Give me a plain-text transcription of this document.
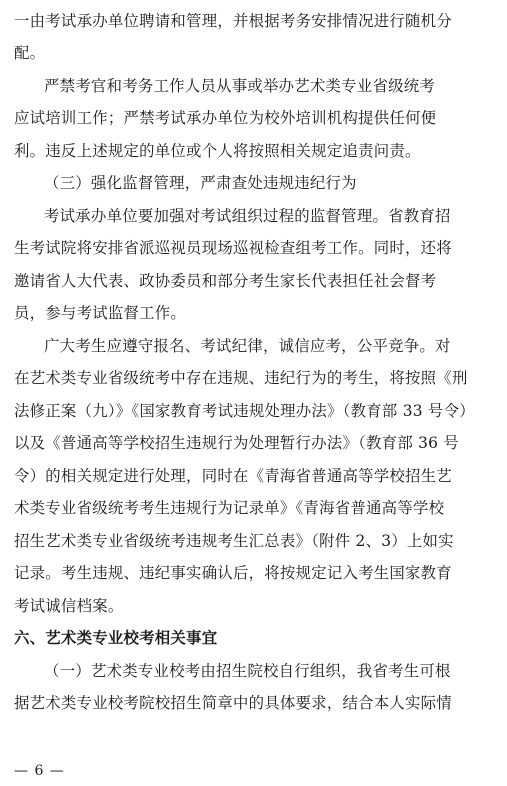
一由考试承办单位聘请和管理，并根据考务安排情况进行随机分
配。
严禁考官和考务工作人员从事或举办艺术类专业省级统考
应试培训工作；严禁考试承办单位为校外培训机构提供任何便
利。违反上述规定的单位或个人将按照相关规定追责问责。
（三）强化监督管理，严肃查处违规违纪行为
考试承办单位要加强对考试组织过程的监督管理。省教育招
生考试院将安排省派巡视员现场巡视检查组考工作。同时，还将
邀请省人大代表、政协委员和部分考生家长代表担任社会督考
员，参与考试监督工作。
广大考生应遵守报名、考试纪律，诚信应考，公平竞争。对
在艺术类专业省级统考中存在违规、违纪行为的考生，将按照《刑
法修正案（九）》《国家教育考试违规处理办法》（教育部 33 号令）
以及《普通高等学校招生违规行为处理暂行办法》（教育部 36 号
令）的相关规定进行处理，同时在《青海省普通高等学校招生艺
术类专业省级统考考生违规行为记录单》《青海省普通高等学校
招生艺术类专业省级统考违规考生汇总表》（附件 2、3）上如实
记录。考生违规、违纪事实确认后，将按规定记入考生国家教育
考试诚信档案。
六、艺术类专业校考相关事宜
（一）艺术类专业校考由招生院校自行组织，我省考生可根
据艺术类专业校考院校招生简章中的具体要求，结合本人实际情
— 6 —
